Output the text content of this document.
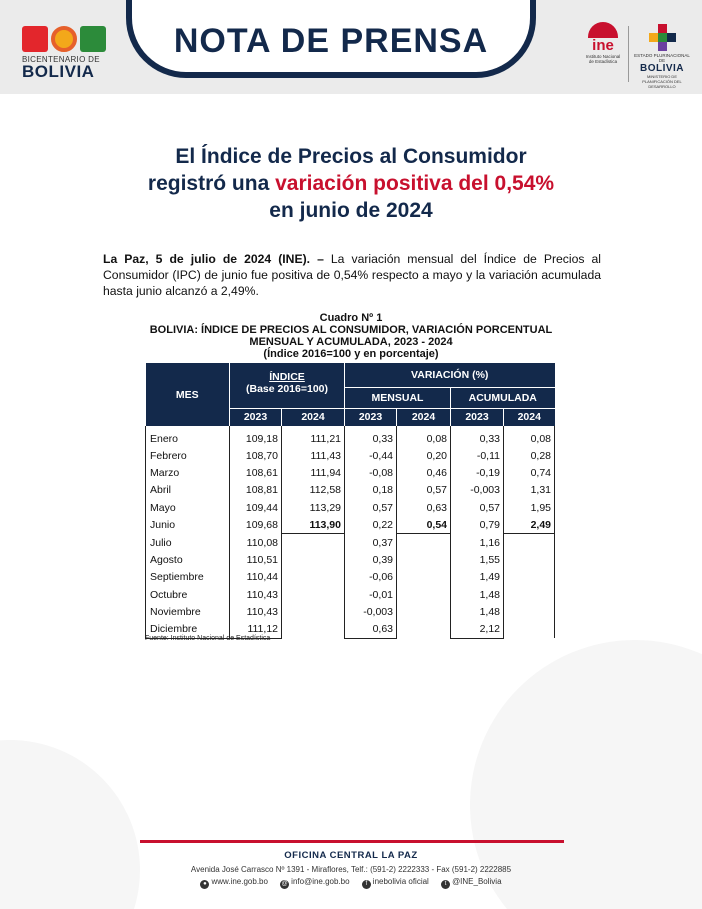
BICENTENARIO DE
BOLIVIA
NOTA DE PRENSA	ine
Instituto Nacional
de Estadística
ESTADO PLURINACIONAL DE
BOLIVIA
MINISTERIO DE PLANIFICACIÓN DEL DESARROLLO
El Índice de Precios al Consumidor
registró una variación positiva del 0,54%
en junio de 2024

La Paz, 5 de julio de 2024 (INE). – La variación mensual del Índice de Precios al Consumidor (IPC) de junio fue positiva de 0,54% respecto a mayo y la variación acumulada hasta junio alcanzó a 2,49%.

Cuadro Nº 1
BOLIVIA: ÍNDICE DE PRECIOS AL CONSUMIDOR, VARIACIÓN PORCENTUAL
MENSUAL Y ACUMULADA, 2023 - 2024
(Índice 2016=100 y en porcentaje)
MES	ÍNDICE
(Base 2016=100)		VARIACIÓN (%)			
			MENSUAL		ACUMULADA	
	2023	2024	2023	2024	2023	2024
Enero	109,18	111,21	0,33	0,08	0,33	0,08
Febrero	108,70	111,43	-0,44	0,20	-0,11	0,28
Marzo	108,61	111,94	-0,08	0,46	-0,19	0,74
Abril	108,81	112,58	0,18	0,57	-0,003	1,31
Mayo	109,44	113,29	0,57	0,63	0,57	1,95
Junio	109,68	113,90	0,22	0,54	0,79	2,49
Julio	110,08		0,37		1,16	
Agosto	110,51		0,39		1,55	
Septiembre	110,44		-0,06		1,49	
Octubre	110,43		-0,01		1,48	
Noviembre	110,43		-0,003		1,48	
Diciembre	111,12		0,63		2,12	
Fuente: Instituto Nacional de Estadística
OFICINA CENTRAL LA PAZ
Avenida José Carrasco Nº 1391 - Miraflores, Telf.: (591-2) 2222333 - Fax (591-2) 2222885
● www.ine.gob.bo @ info@ine.gob.bo	f inebolivia oficial	t @INE_Bolivia
